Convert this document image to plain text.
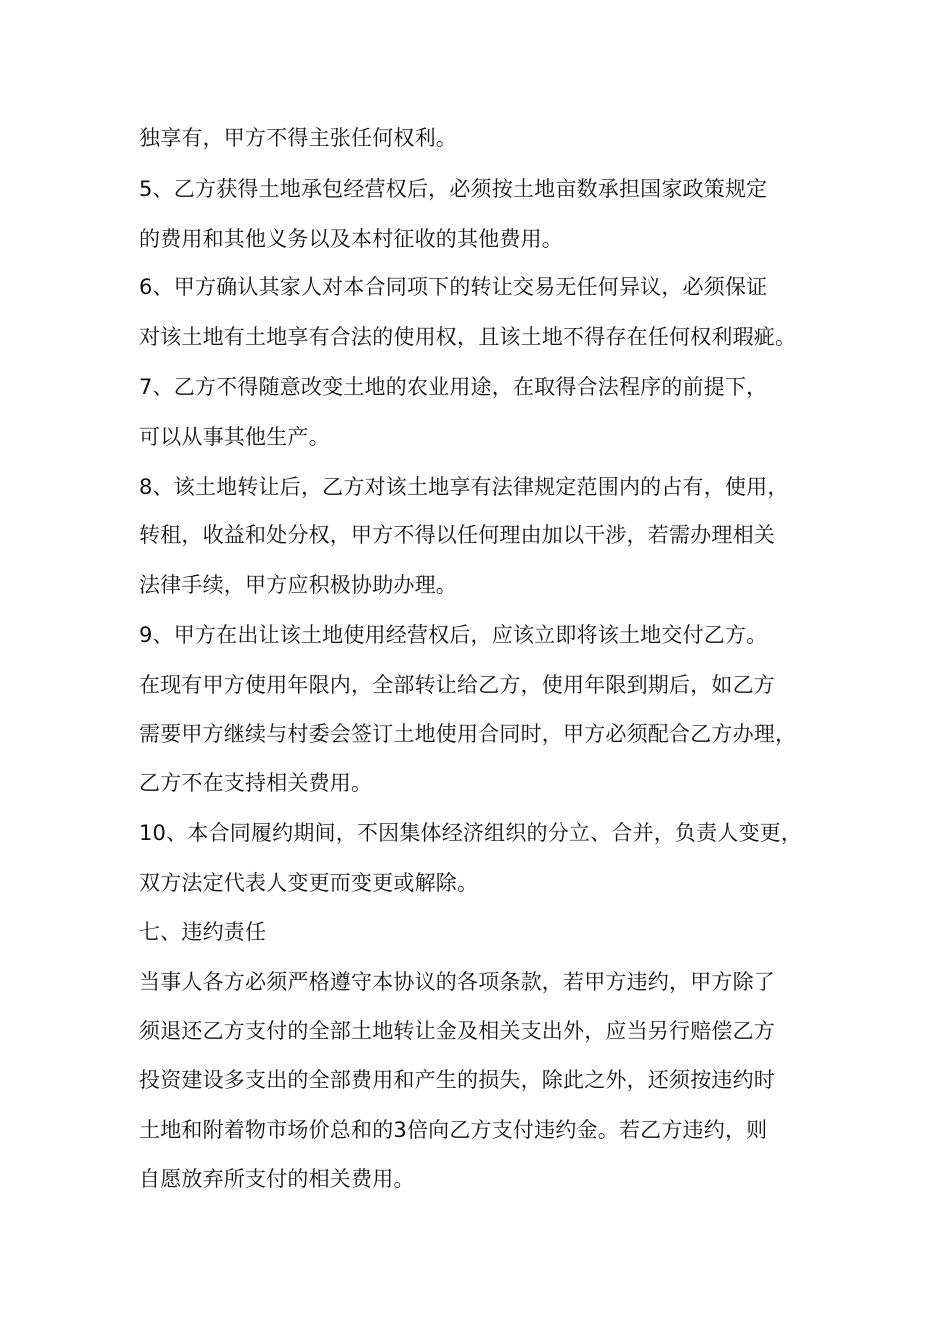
独享有，甲方不得主张任何权利。
5、乙方获得土地承包经营权后，必须按土地亩数承担国家政策规定
的费用和其他义务以及本村征收的其他费用。
6、甲方确认其家人对本合同项下的转让交易无任何异议，必须保证
对该土地有土地享有合法的使用权，且该土地不得存在任何权利瑕疵。
7、乙方不得随意改变土地的农业用途，在取得合法程序的前提下，
可以从事其他生产。
8、该土地转让后，乙方对该土地享有法律规定范围内的占有，使用，
转租，收益和处分权，甲方不得以任何理由加以干涉，若需办理相关
法律手续，甲方应积极协助办理。
9、甲方在出让该土地使用经营权后，应该立即将该土地交付乙方。
在现有甲方使用年限内，全部转让给乙方，使用年限到期后，如乙方
需要甲方继续与村委会签订土地使用合同时，甲方必须配合乙方办理，
乙方不在支持相关费用。
10、本合同履约期间，不因集体经济组织的分立、合并，负责人变更，
双方法定代表人变更而变更或解除。
七、违约责任
当事人各方必须严格遵守本协议的各项条款，若甲方违约，甲方除了
须退还乙方支付的全部土地转让金及相关支出外，应当另行赔偿乙方
投资建设多支出的全部费用和产生的损失，除此之外，还须按违约时
土地和附着物市场价总和的3倍向乙方支付违约金。若乙方违约，则
自愿放弃所支付的相关费用。
